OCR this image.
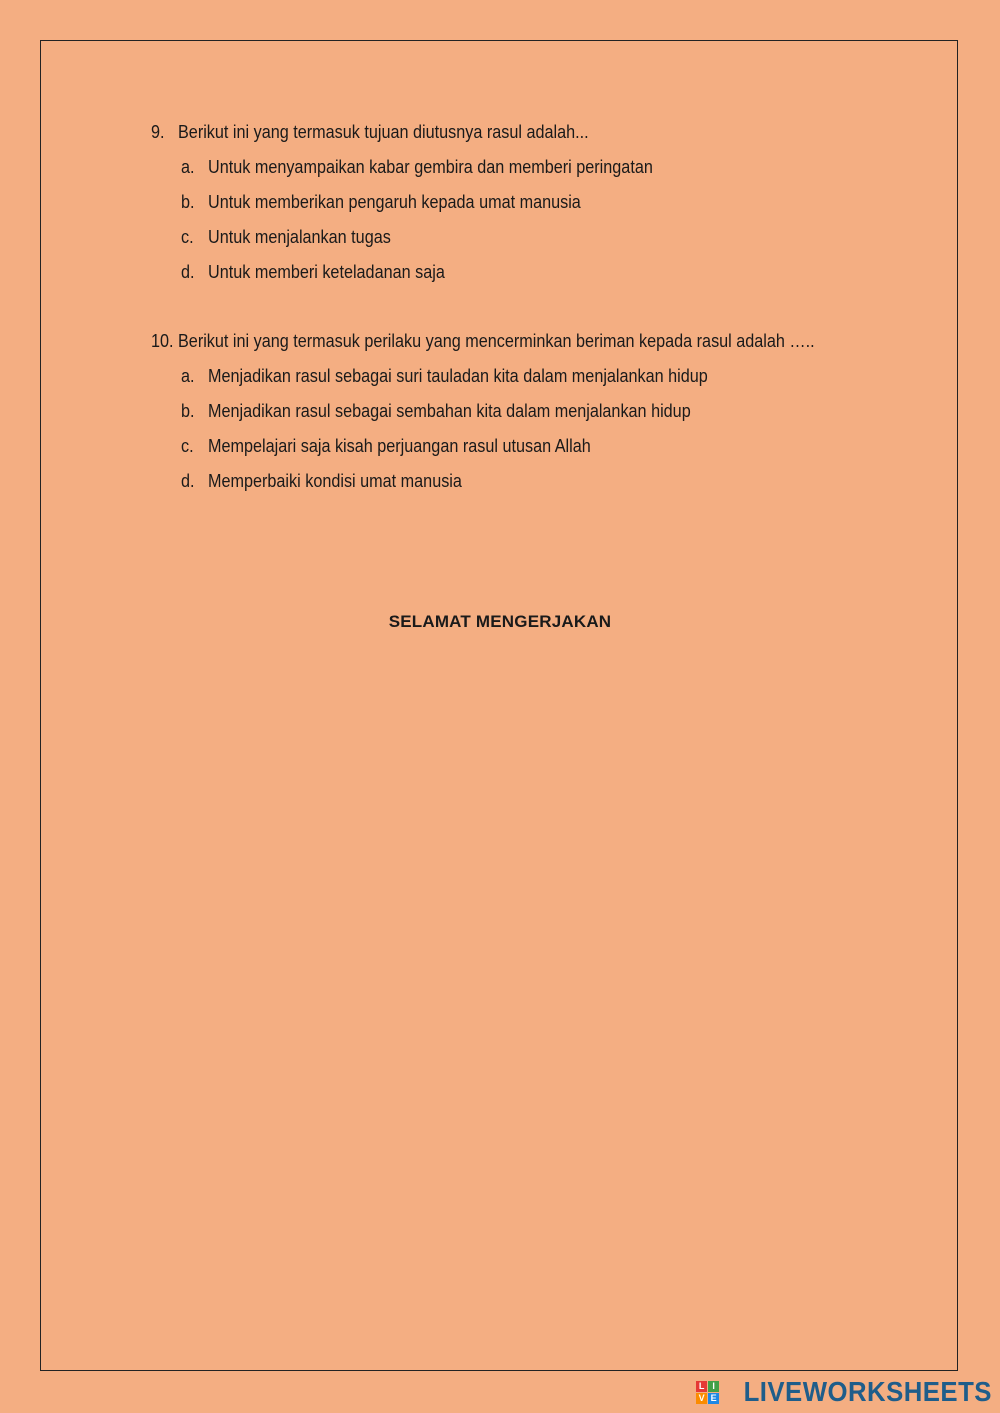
9. Berikut ini yang termasuk tujuan diutusnya rasul adalah...
a. Untuk menyampaikan kabar gembira dan memberi peringatan
b. Untuk memberikan pengaruh kepada umat manusia
c. Untuk menjalankan tugas
d. Untuk memberi keteladanan saja
10. Berikut ini yang termasuk perilaku yang mencerminkan beriman kepada rasul adalah …..
a. Menjadikan rasul sebagai suri tauladan kita dalam menjalankan hidup
b. Menjadikan rasul sebagai sembahan kita dalam menjalankan hidup
c. Mempelajari saja kisah perjuangan rasul utusan Allah
d. Memperbaiki kondisi umat manusia
SELAMAT MENGERJAKAN
L I
V E LIVEWORKSHEETS
